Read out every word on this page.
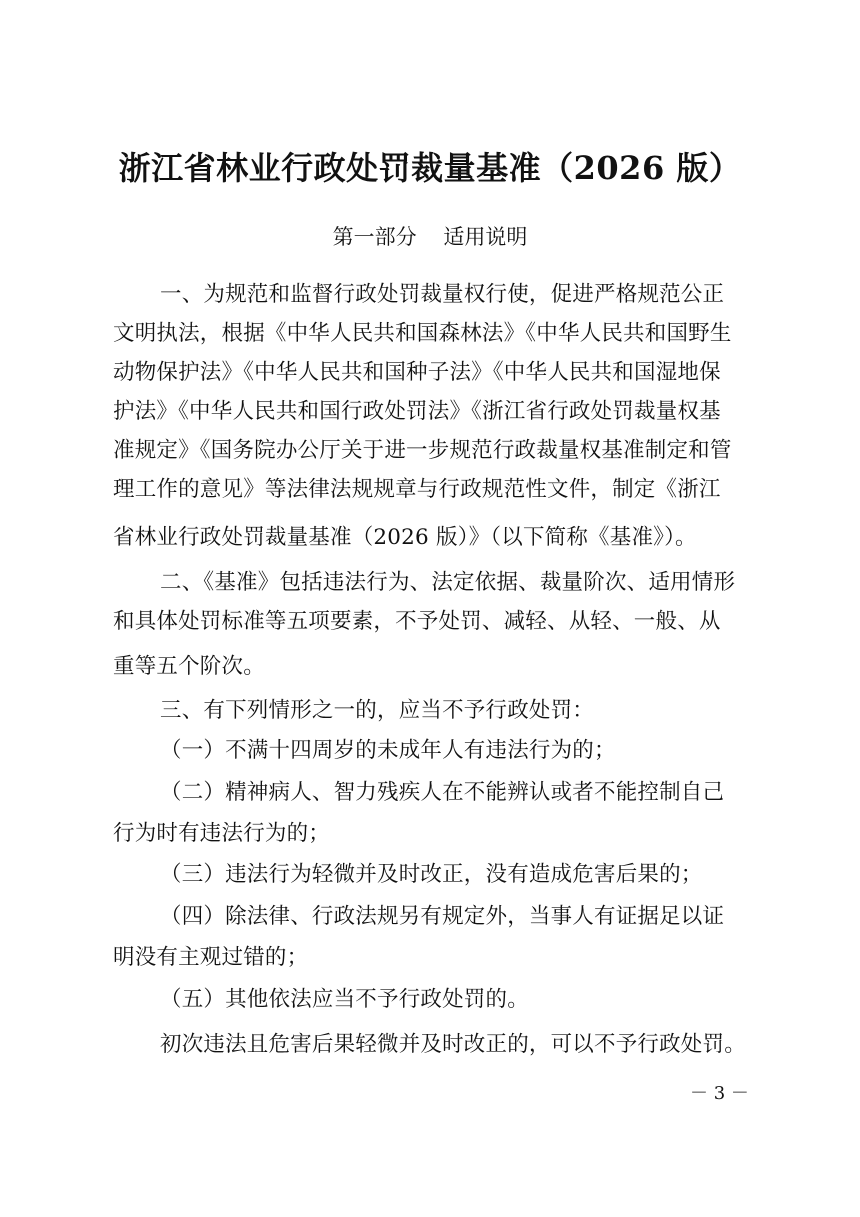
浙江省林业行政处罚裁量基准（2026 版）
第一部分    适用说明
一、为规范和监督行政处罚裁量权行使，促进严格规范公正
文明执法，根据《中华人民共和国森林法》《中华人民共和国野生
动物保护法》《中华人民共和国种子法》《中华人民共和国湿地保
护法》《中华人民共和国行政处罚法》《浙江省行政处罚裁量权基
准规定》《国务院办公厅关于进一步规范行政裁量权基准制定和管
理工作的意见》等法律法规规章与行政规范性文件，制定《浙江
省林业行政处罚裁量基准（2026 版）》（以下简称《基准》）。
二、《基准》包括违法行为、法定依据、裁量阶次、适用情形
和具体处罚标准等五项要素，不予处罚、减轻、从轻、一般、从
重等五个阶次。
三、有下列情形之一的，应当不予行政处罚：
（一）不满十四周岁的未成年人有违法行为的；
（二）精神病人、智力残疾人在不能辨认或者不能控制自己
行为时有违法行为的；
（三）违法行为轻微并及时改正，没有造成危害后果的；
（四）除法律、行政法规另有规定外，当事人有证据足以证
明没有主观过错的；
（五）其他依法应当不予行政处罚的。
初次违法且危害后果轻微并及时改正的，可以不予行政处罚。
－ 3 －
